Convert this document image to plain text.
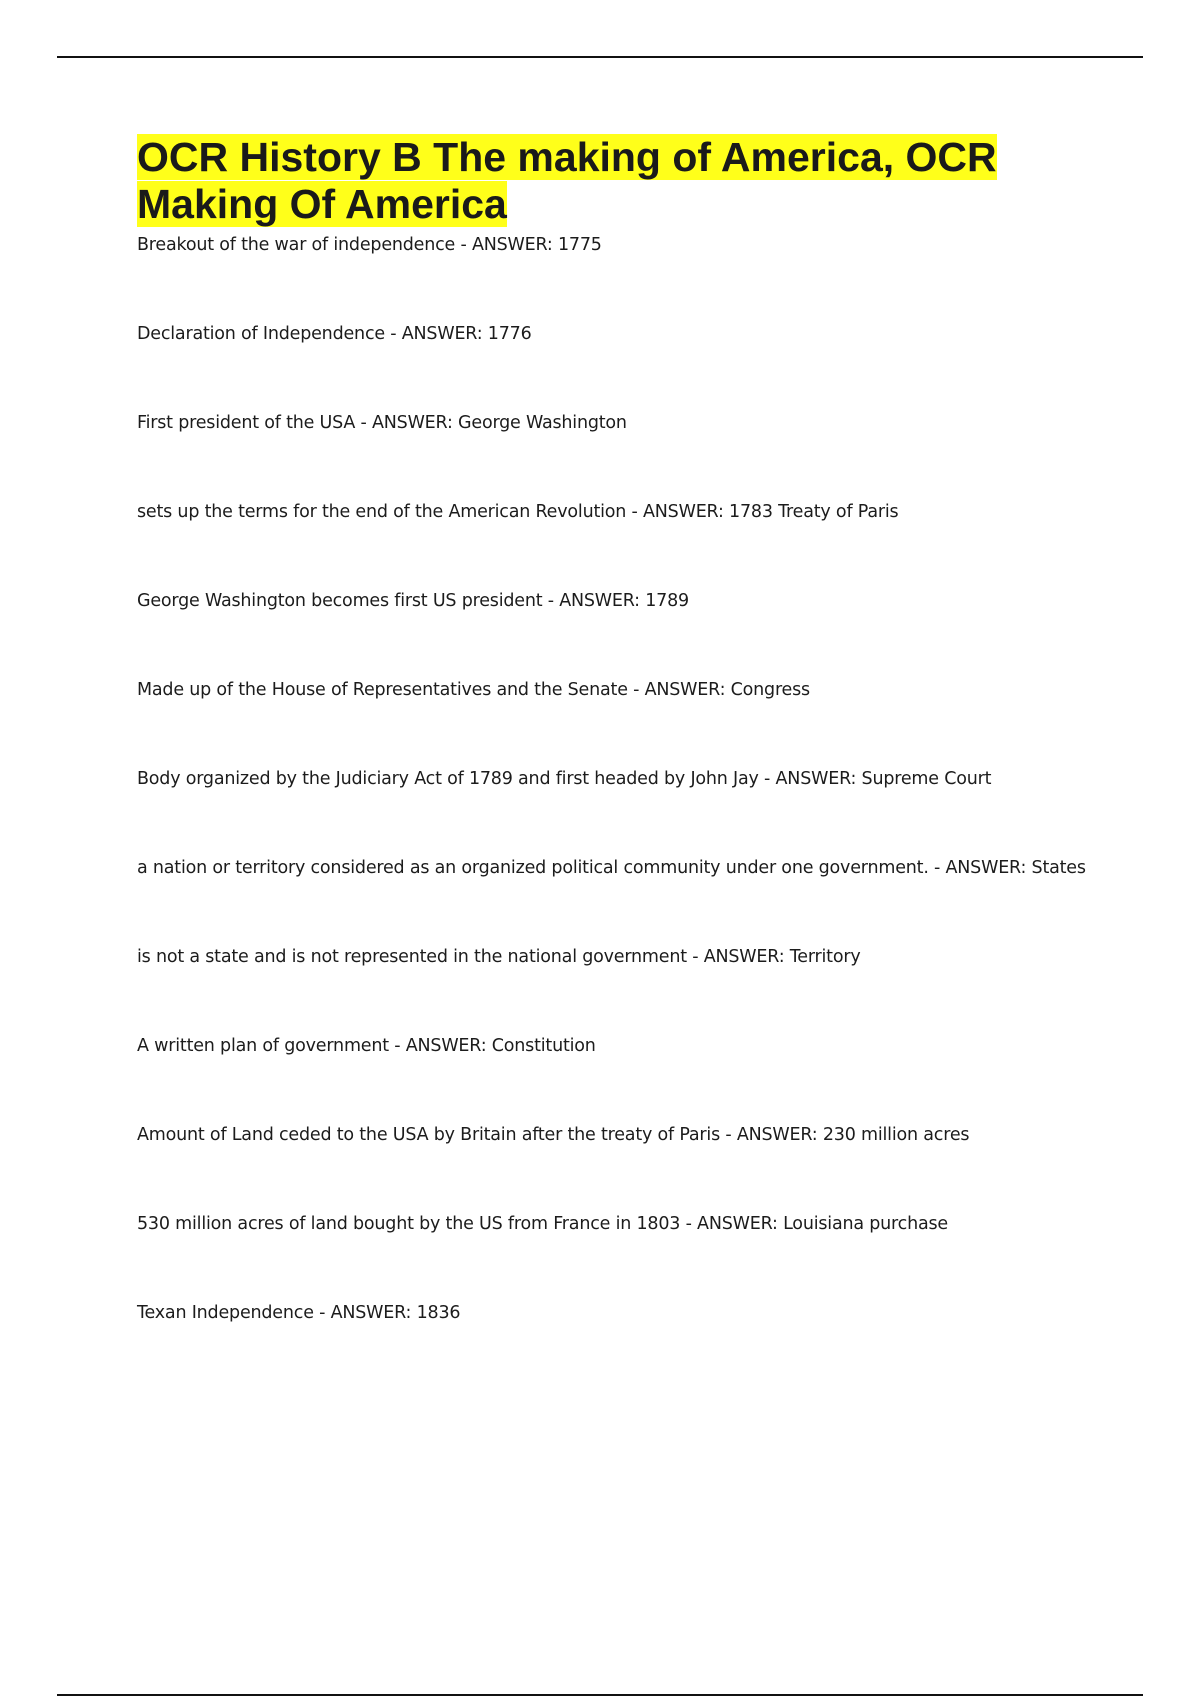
OCR History B The making of America, OCR Making Of America
Breakout of the war of independence - ANSWER: 1775
Declaration of Independence - ANSWER: 1776
First president of the USA - ANSWER: George Washington
sets up the terms for the end of the American Revolution - ANSWER: 1783 Treaty of Paris
George Washington becomes first US president - ANSWER: 1789
Made up of the House of Representatives and the Senate - ANSWER: Congress
Body organized by the Judiciary Act of 1789 and first headed by John Jay - ANSWER: Supreme Court
a nation or territory considered as an organized political community under one government. - ANSWER: States
is not a state and is not represented in the national government - ANSWER: Territory
A written plan of government - ANSWER: Constitution
Amount of Land ceded to the USA by Britain after the treaty of Paris - ANSWER: 230 million acres
530 million acres of land bought by the US from France in 1803 - ANSWER: Louisiana purchase
Texan Independence - ANSWER: 1836
